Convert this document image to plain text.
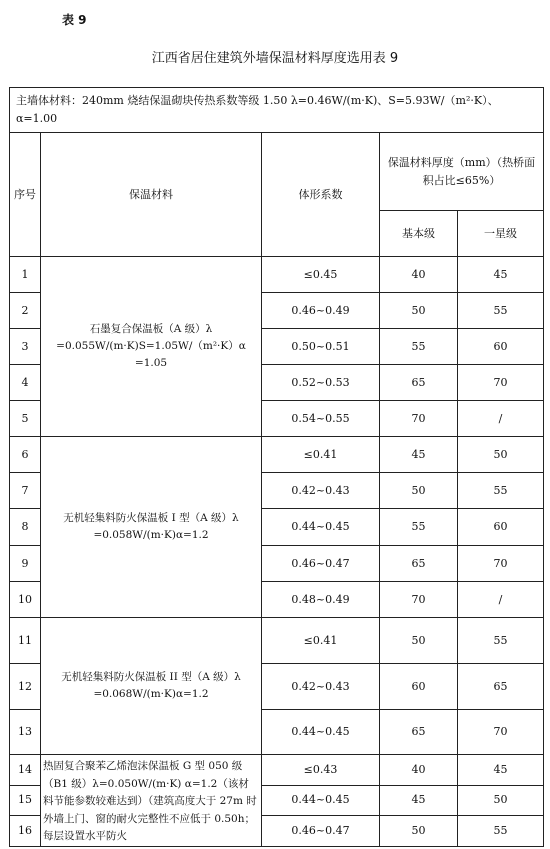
表 9
江西省居住建筑外墙保温材料厚度选用表 9
主墙体材料：240mm 烧结保温砌块传热系数等级 1.50 λ=0.46W/(m·K)、S=5.93W/（m²·K）、α=1.00				
序号	保温材料	体形系数	保温材料厚度（mm）（热桥面积占比≤65%）	
			基本级	一星级
1	石墨复合保温板（A 级）λ =0.055W/(m·K)S=1.05W/（m²·K）α =1.05	≤0.45	40	45
2		0.46~0.49	50	55
3		0.50~0.51	55	60
4		0.52~0.53	65	70
5		0.54~0.55	70	/
6	无机轻集料防火保温板 I 型（A 级）λ =0.058W/(m·K)α=1.2	≤0.41	45	50
7		0.42~0.43	50	55
8		0.44~0.45	55	60
9		0.46~0.47	65	70
10		0.48~0.49	70	/
11	无机轻集料防火保温板 II 型（A 级）λ =0.068W/(m·K)α=1.2	≤0.41	50	55
12		0.42~0.43	60	65
13		0.44~0.45	65	70
14	热固复合聚苯乙烯泡沫保温板 G 型 050 级（B1 级）λ=0.050W/(m·K) α=1.2（该材料节能参数较难达到）（建筑高度大于 27m 时外墙上门、窗的耐火完整性不应低于 0.50h；每层设置水平防火	≤0.43	40	45
15		0.44~0.45	45	50
16		0.46~0.47	50	55
